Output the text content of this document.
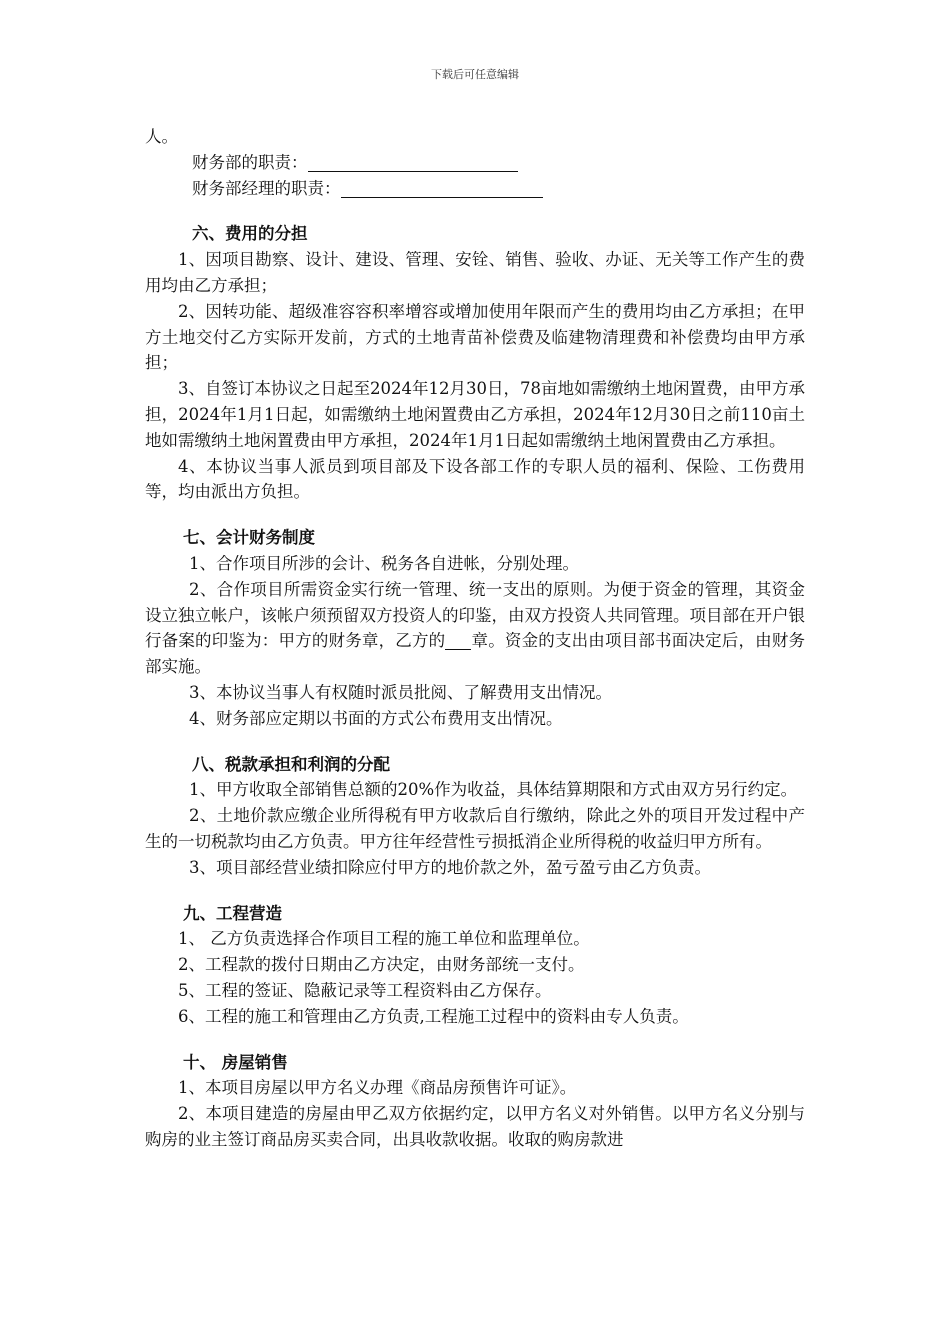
下载后可任意编辑

人。

财务部的职责：

财务部经理的职责：

六、费用的分担

1、因项目勘察、设计、建设、管理、安铨、销售、验收、办证、无关等工作产生的费用均由乙方承担；

2、因转功能、超级准容容积率增容或增加使用年限而产生的费用均由乙方承担；在甲方土地交付乙方实际开发前，方式的土地青苗补偿费及临建物清理费和补偿费均由甲方承担；

3、自签订本协议之日起至2024年12月30日，78亩地如需缴纳土地闲置费，由甲方承担，2024年1月1日起，如需缴纳土地闲置费由乙方承担，2024年12月30日之前110亩土地如需缴纳土地闲置费由甲方承担，2024年1月1日起如需缴纳土地闲置费由乙方承担。

4、本协议当事人派员到项目部及下设各部工作的专职人员的福利、保险、工伤费用等，均由派出方负担。

七、会计财务制度

1、合作项目所涉的会计、税务各自进帐，分别处理。

2、合作项目所需资金实行统一管理、统一支出的原则。为便于资金的管理，其资金设立独立帐户，该帐户须预留双方投资人的印鉴，由双方投资人共同管理。项目部在开户银行备案的印鉴为：甲方的财务章，乙方的 章。资金的支出由项目部书面决定后，由财务部实施。

3、本协议当事人有权随时派员批阅、了解费用支出情况。

4、财务部应定期以书面的方式公布费用支出情况。

八、税款承担和利润的分配

1、甲方收取全部销售总额的20%作为收益，具体结算期限和方式由双方另行约定。

2、土地价款应缴企业所得税有甲方收款后自行缴纳，除此之外的项目开发过程中产生的一切税款均由乙方负责。甲方往年经营性亏损抵消企业所得税的收益归甲方所有。

3、项目部经营业绩扣除应付甲方的地价款之外，盈亏盈亏由乙方负责。

九、工程营造

1、 乙方负责选择合作项目工程的施工单位和监理单位。

2、工程款的拨付日期由乙方决定，由财务部统一支付。

5、工程的签证、隐蔽记录等工程资料由乙方保存。

6、工程的施工和管理由乙方负责,工程施工过程中的资料由专人负责。

十、 房屋销售

1、本项目房屋以甲方名义办理《商品房预售许可证》。

2、本项目建造的房屋由甲乙双方依据约定，以甲方名义对外销售。以甲方名义分别与购房的业主签订商品房买卖合同，出具收款收据。收取的购房款进
